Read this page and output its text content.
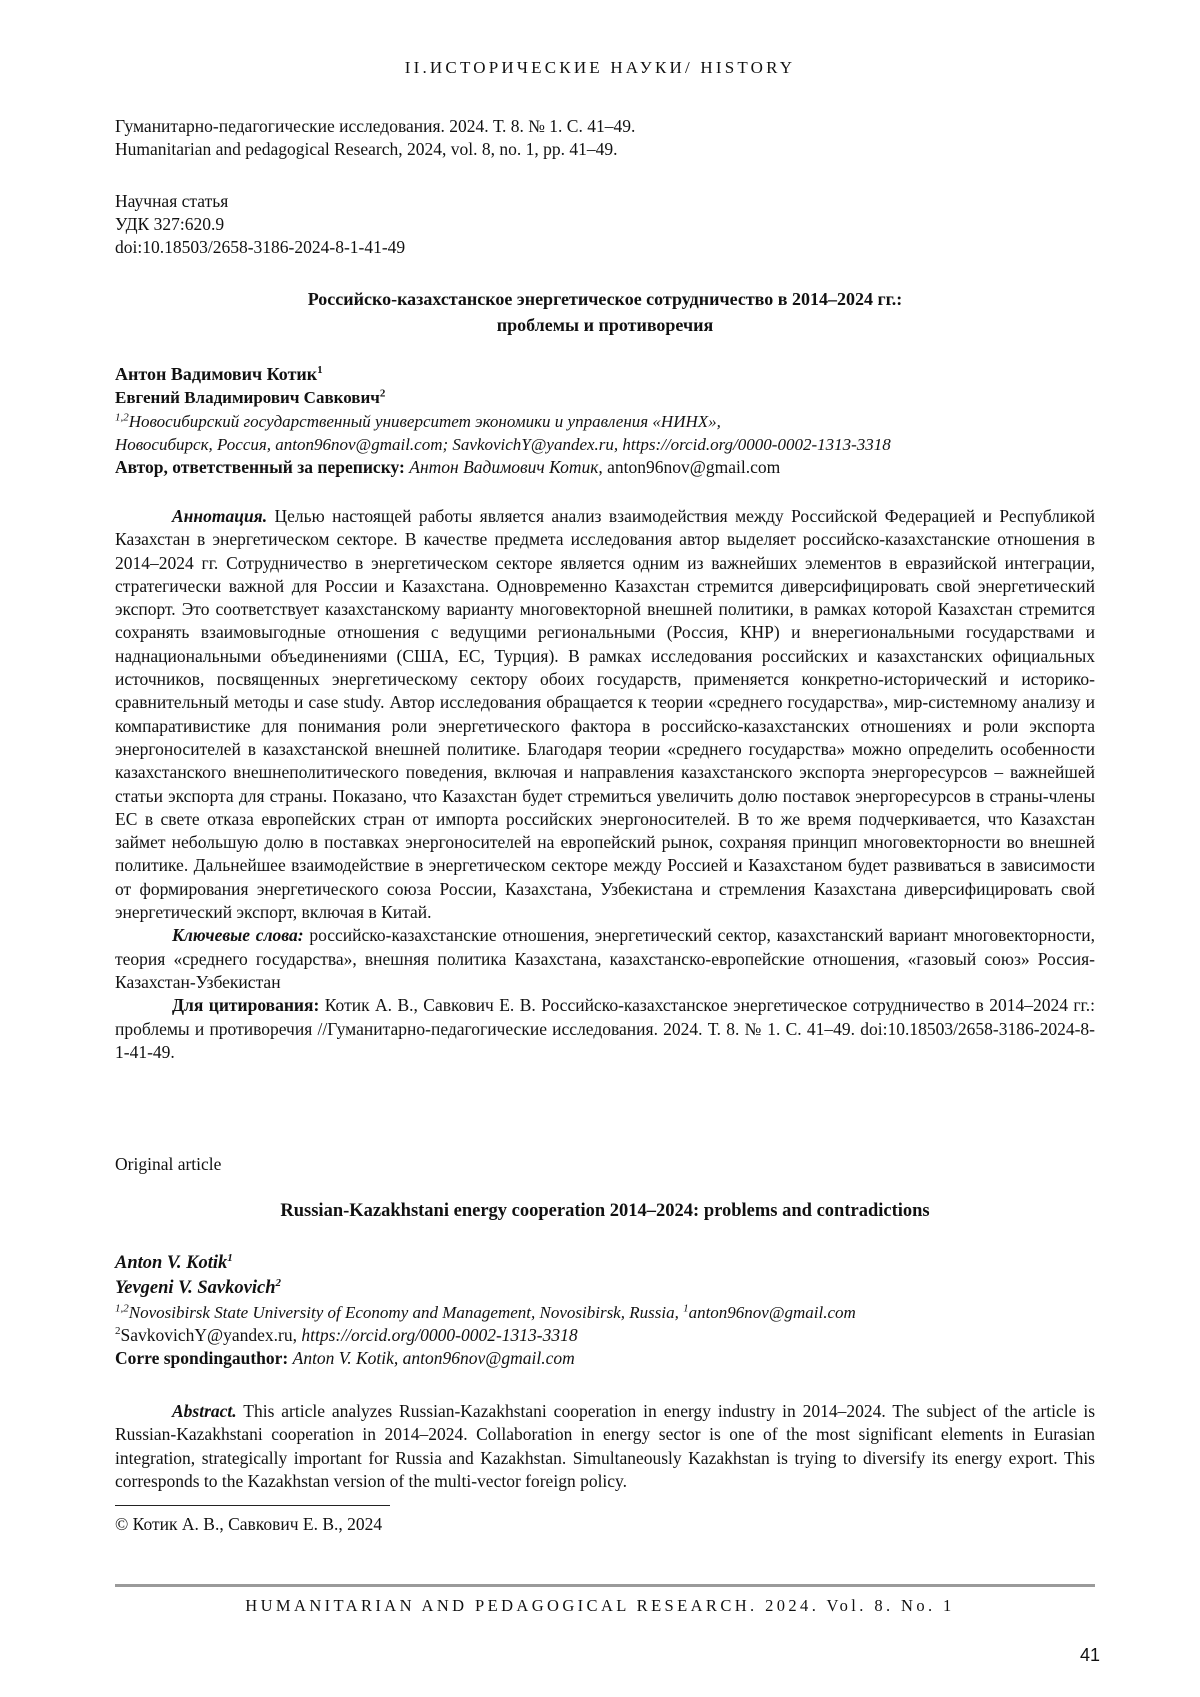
II.ИСТОРИЧЕСКИЕ НАУКИ/ HISTORY
Гуманитарно-педагогические исследования. 2024. Т. 8. № 1. С. 41–49.
Humanitarian and pedagogical Research, 2024, vol. 8, no. 1, pp. 41–49.
Научная статья
УДК 327:620.9
doi:10.18503/2658-3186-2024-8-1-41-49
Российско-казахстанское энергетическое сотрудничество в 2014–2024 гг.:
проблемы и противоречия
Антон Вадимович Котик$^1$
Евгений Владимирович Савкович$^2$
$^{1,2}$Новосибирский государственный университет экономики и управления «НИНХ»,
Новосибирск, Россия, anton96nov@gmail.com; SavkovichY@yandex.ru, https://orcid.org/0000-0002-1313-3318
Автор, ответственный за переписку: Антон Вадимович Котик, anton96nov@gmail.com

Аннотация. Целью настоящей работы является анализ взаимодействия между Российской Федерацией и Республикой Казахстан в энергетическом секторе. В качестве предмета исследования автор выделяет российско-казахстанские отношения в 2014–2024 гг. Сотрудничество в энергетическом секторе является одним из важнейших элементов в евразийской интеграции, стратегически важной для России и Казахстана. Одновременно Казахстан стремится диверсифицировать свой энергетический экспорт. Это соответствует казахстанскому варианту многовекторной внешней политики, в рамках которой Казахстан стремится сохранять взаимовыгодные отношения с ведущими региональными (Россия, КНР) и внерегиональными государствами и наднациональными объединениями (США, ЕС, Турция). В рамках исследования российских и казахстанских официальных источников, посвященных энергетическому сектору обоих государств, применяется конкретно-исторический и историко-сравнительный методы и case study. Автор исследования обращается к теории «среднего государства», мир-системному анализу и компаративистике для понимания роли энергетического фактора в российско-казахстанских отношениях и роли экспорта энергоносителей в казахстанской внешней политике. Благодаря теории «среднего государства» можно определить особенности казахстанского внешнеполитического поведения, включая и направления казахстанского экспорта энергоресурсов – важнейшей статьи экспорта для страны. Показано, что Казахстан будет стремиться увеличить долю поставок энергоресурсов в страны-члены ЕС в свете отказа европейских стран от импорта российских энергоносителей. В то же время подчеркивается, что Казахстан займет небольшую долю в поставках энергоносителей на европейский рынок, сохраняя принцип многовекторности во внешней политике. Дальнейшее взаимодействие в энергетическом секторе между Россией и Казахстаном будет развиваться в зависимости от формирования энергетического союза России, Казахстана, Узбекистана и стремления Казахстана диверсифицировать свой энергетический экспорт, включая в Китай.

Ключевые слова: российско-казахстанские отношения, энергетический сектор, казахстанский вариант многовекторности, теория «среднего государства», внешняя политика Казахстана, казахстанско-европейские отношения, «газовый союз» Россия-Казахстан-Узбекистан

Для цитирования: Котик А. В., Савкович Е. В. Российско-казахстанское энергетическое сотрудничество в 2014–2024 гг.: проблемы и противоречия //Гуманитарно-педагогические исследования. 2024. Т. 8. № 1. С. 41–49. doi:10.18503/2658-3186-2024-8-1-41-49.

Original article
Russian-Kazakhstani energy cooperation 2014–2024: problems and contradictions
Anton V. Kotik$^1$
Yevgeni V. Savkovich$^2$
$^{1,2}$Novosibirsk State University of Economy and Management, Novosibirsk, Russia, $^1$anton96nov@gmail.com
$^2$SavkovichY@yandex.ru, https://orcid.org/0000-0002-1313-3318
Corre spondingauthor: Anton V. Kotik, anton96nov@gmail.com

Abstract. This article analyzes Russian-Kazakhstani cooperation in energy industry in 2014–2024. The subject of the article is Russian-Kazakhstani cooperation in 2014–2024. Collaboration in energy sector is one of the most significant elements in Eurasian integration, strategically important for Russia and Kazakhstan. Simultaneously Kazakhstan is trying to diversify its energy export. This corresponds to the Kazakhstan version of the multi-vector foreign policy.

© Котик А. В., Савкович Е. В., 2024
HUMANITARIAN AND PEDAGOGICAL RESEARCH. 2024. Vol. 8. No. 1
41
